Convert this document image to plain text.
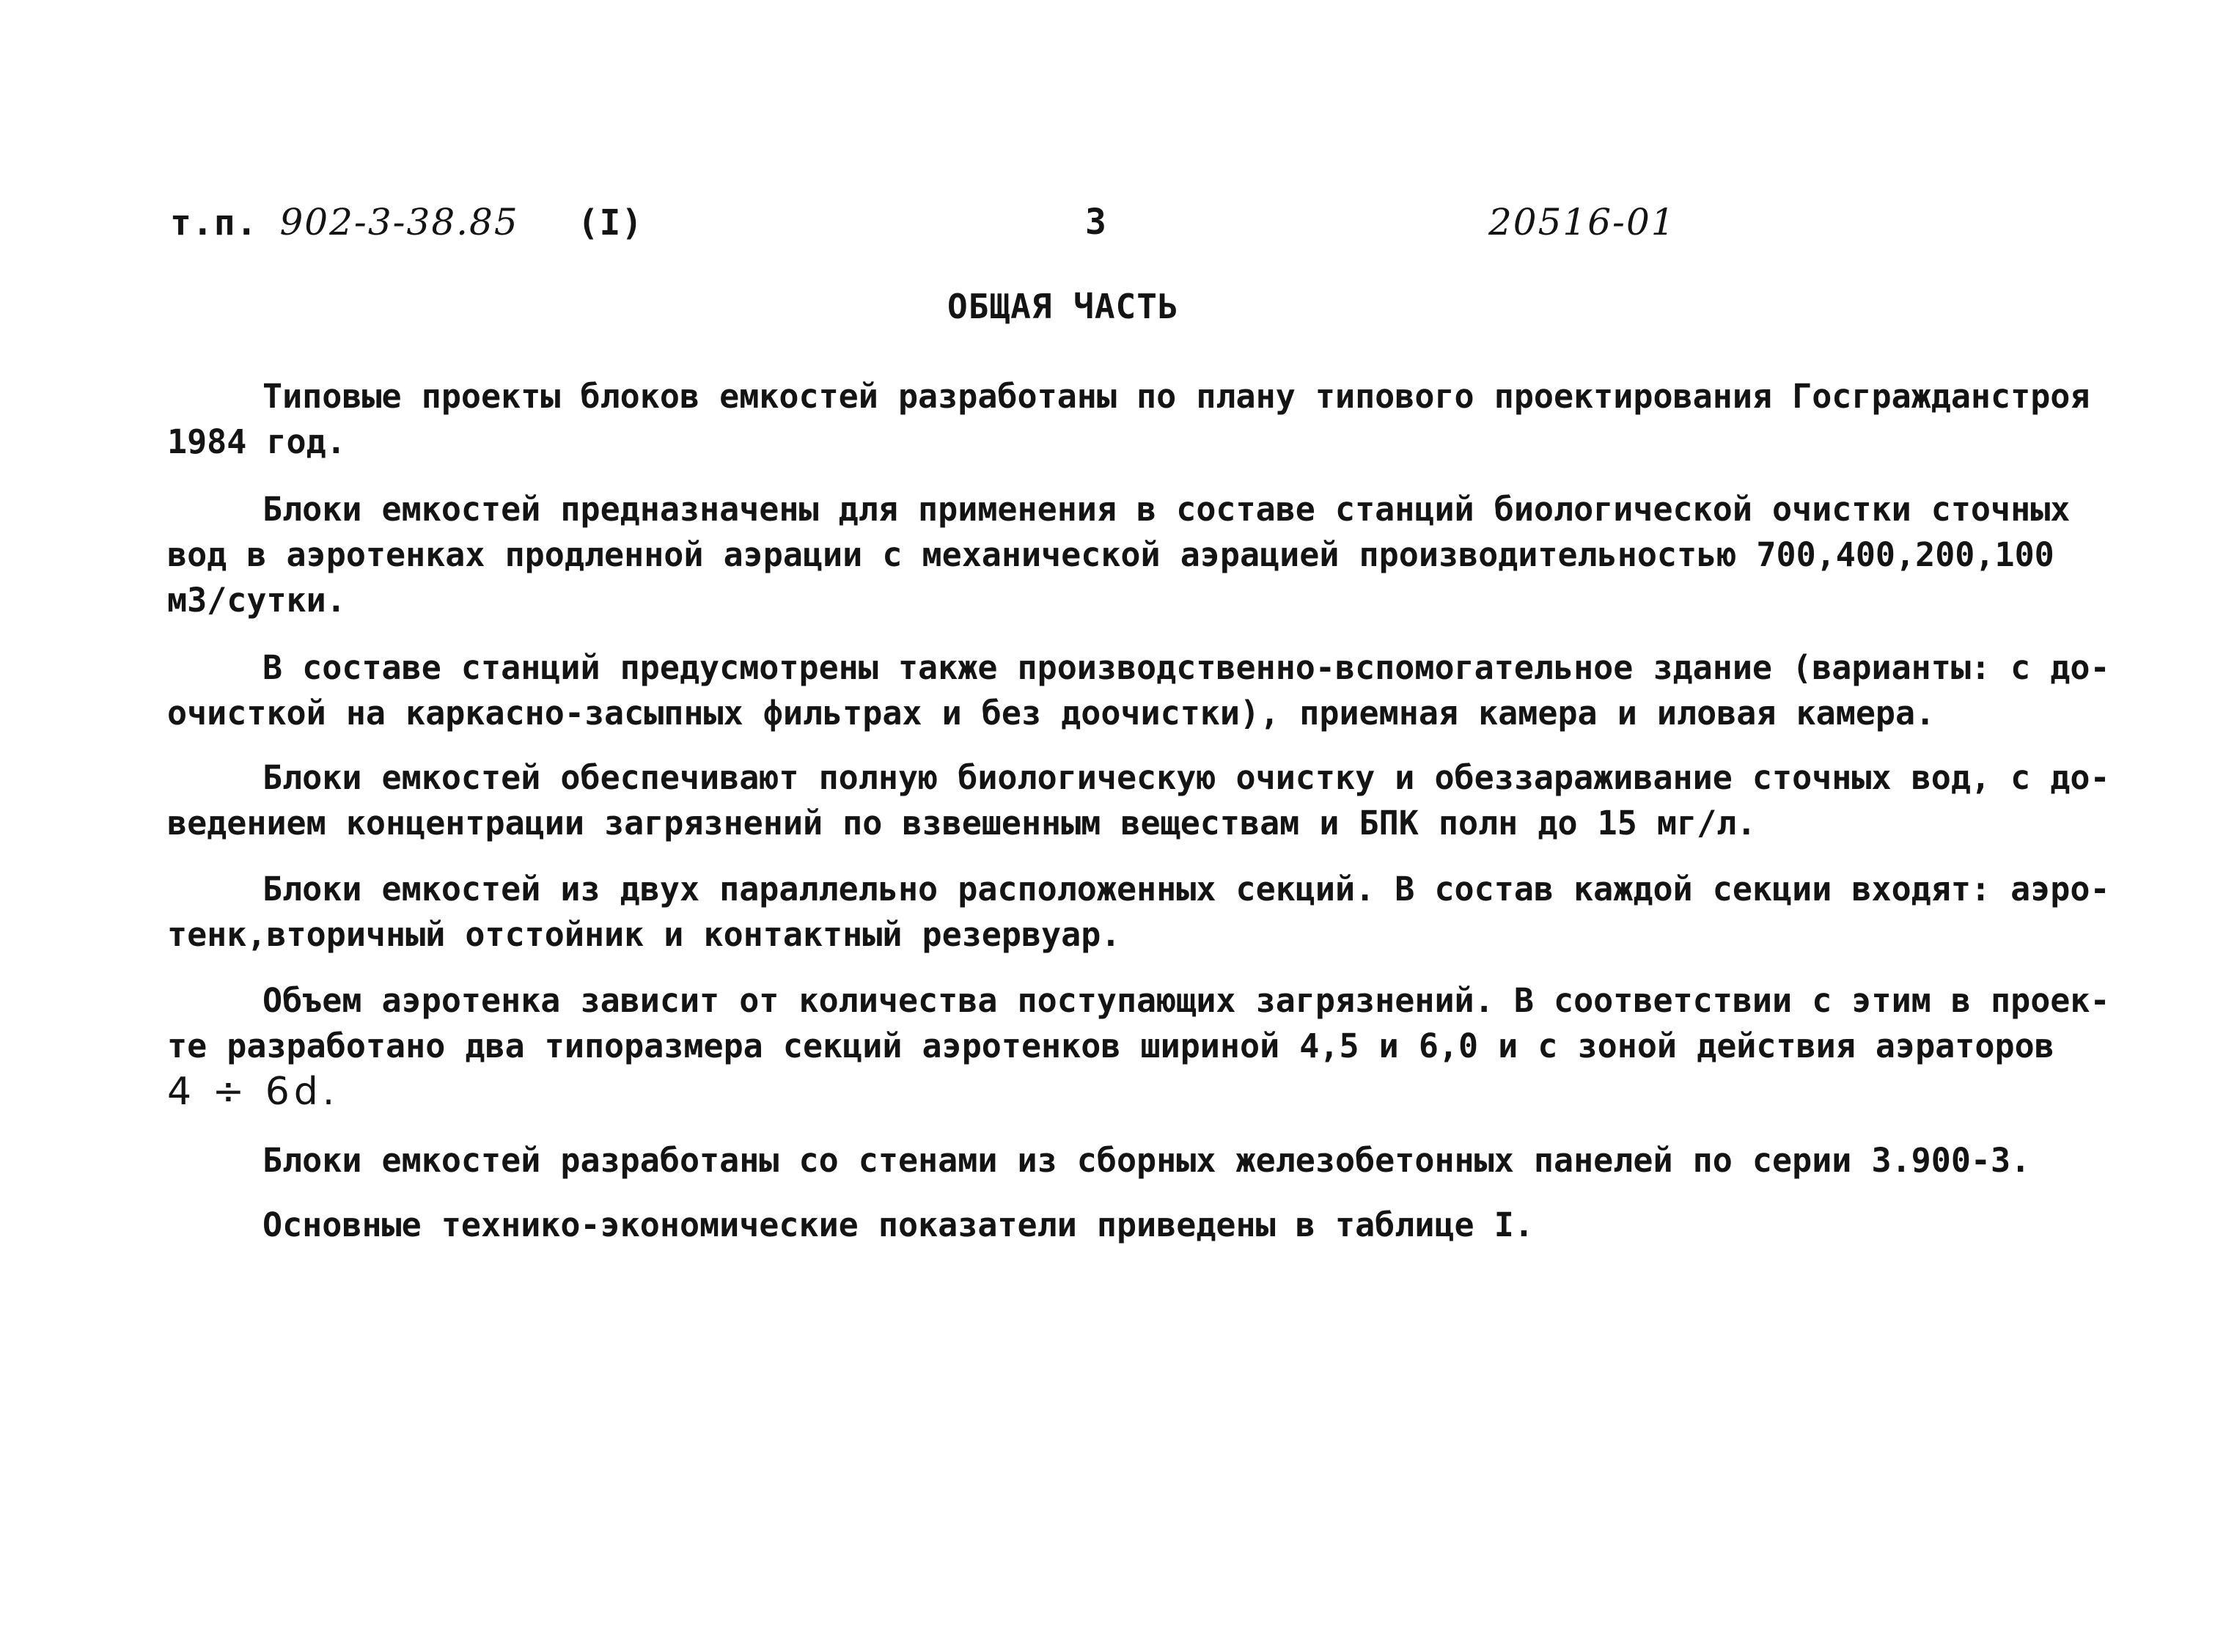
т.п. 902-3-38.85 (I)	3	20516-01
ОБЩАЯ ЧАСТЬ

Типовые проекты блоков емкостей разработаны по плану типового проектирования Госгражданстроя
1984 год.

Блоки емкостей предназначены для применения в составе станций биологической очистки сточных
вод в аэротенках продленной аэрации с механической аэрацией производительностью 700,400,200,100
м3/сутки.

В составе станций предусмотрены также производственно-вспомогательное здание (варианты: с до-
очисткой на каркасно-засыпных фильтрах и без доочистки), приемная камера и иловая камера.

Блоки емкостей обеспечивают полную биологическую очистку и обеззараживание сточных вод, с до-
ведением концентрации загрязнений по взвешенным веществам и БПК полн до 15 мг/л.

Блоки емкостей из двух параллельно расположенных секций. В состав каждой секции входят: аэро-
тенк,вторичный отстойник и контактный резервуар.

Объем аэротенка зависит от количества поступающих загрязнений. В соответствии с этим в проек-
те разработано два типоразмера секций аэротенков шириной 4,5 и 6,0 и с зоной действия аэраторов
4 ÷ 6d.

Блоки емкостей разработаны со стенами из сборных железобетонных панелей по серии 3.900-3.

Основные технико-экономические показатели приведены в таблице I.
